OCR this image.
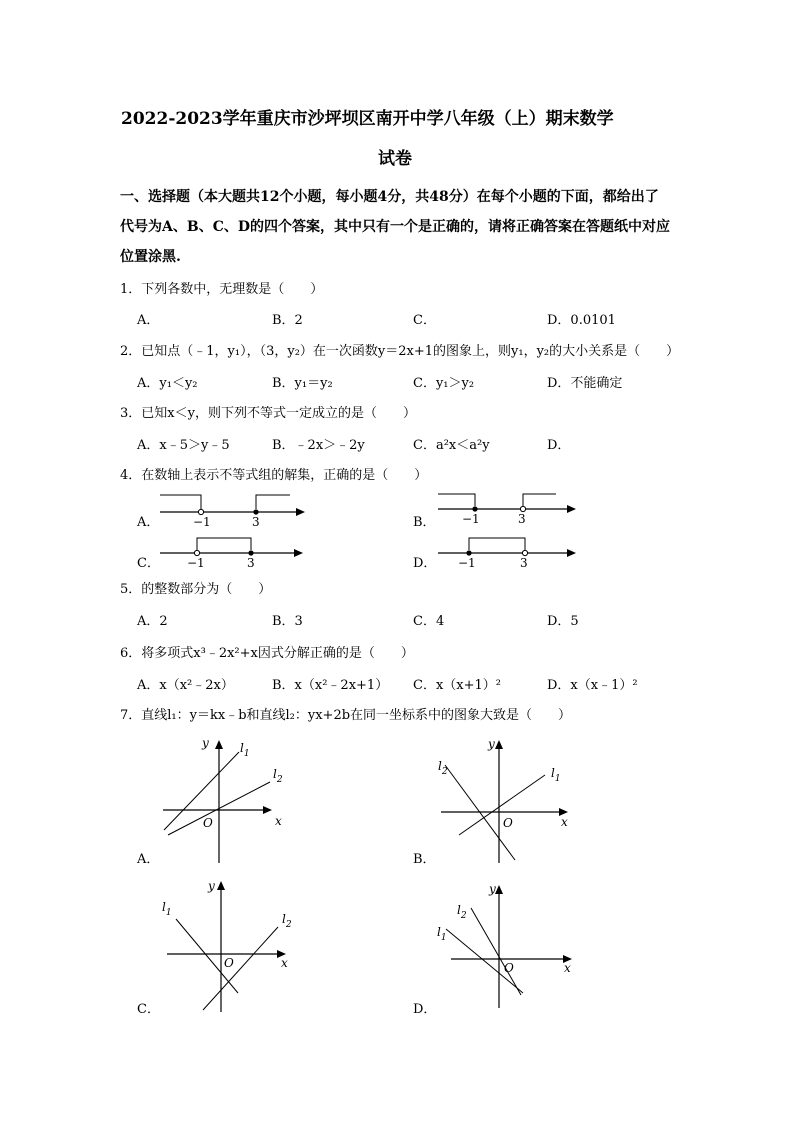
2022-2023学年重庆市沙坪坝区南开中学八年级（上）期末数学
试卷
一、选择题（本大题共12个小题，每小题4分，共48分）在每个小题的下面，都给出了
代号为A、B、C、D的四个答案，其中只有一个是正确的，请将正确答案在答题纸中对应
位置涂黑.
1．下列各数中，无理数是（　　）
A．	B．2	C．	D．0.0101
2．已知点（﹣1，y₁），（3，y₂）在一次函数y＝2x+1的图象上，则y₁，y₂的大小关系是（　　）
A．y₁＜y₂	B．y₁＝y₂	C．y₁＞y₂	D．不能确定
3．已知x＜y，则下列不等式一定成立的是（　　）
A．x﹣5＞y﹣5	B．﹣2x＞﹣2y	C．a²x＜a²y	D．
4．在数轴上表示不等式组的解集，正确的是（　　）
A．	B．
C．	D．
−1	3	−1	3
−1	3	−1	3
5．的整数部分为（　　）
A．2	B．3	C．4	D．5
6．将多项式x³﹣2x²+x因式分解正确的是（　　）
A．x（x²﹣2x）	B．x（x²﹣2x+1） C．x（x+1）²	D．x（x﹣1）²
7．直线l₁：y＝kx﹣b和直线l₂：yx+2b在同一坐标系中的图象大致是（　　）
A．	B．
C．	D．
y
x
O
$l_1$
$l_2$
y
x
O
$l_2$	$l_1$
y
x
O
$l_1$	$l_2$
y
x
O
$l_1$
$l_2$
